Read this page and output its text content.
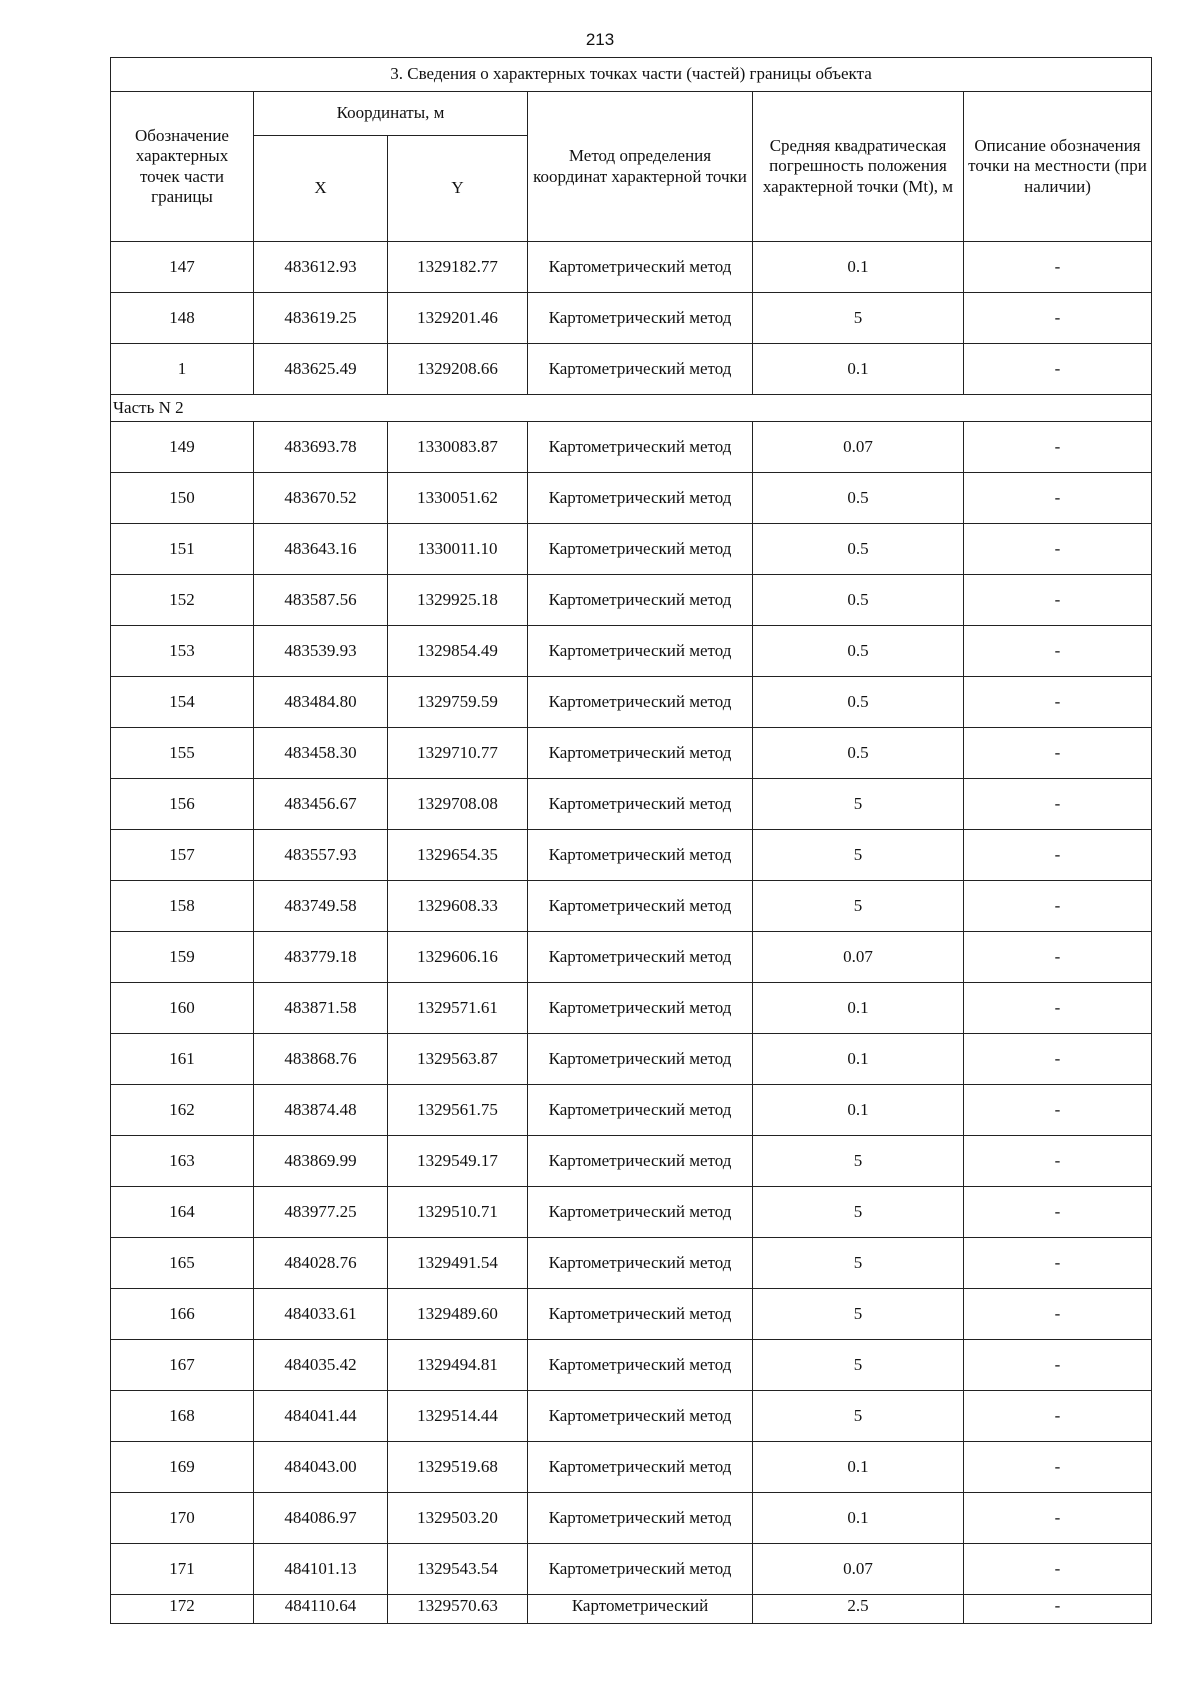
213
3. Сведения о характерных точках части (частей) границы объекта					
Обозначение характерных точек части границы	Координаты, м		Метод определения координат характерной точки	Средняя квадратическая погрешность положения характерной точки (Mt), м	Описание обозначения точки на местности (при наличии)
	X	Y			
147	483612.93	1329182.77	Картометрический метод	0.1	-
148	483619.25	1329201.46	Картометрический метод	5	-
1	483625.49	1329208.66	Картометрический метод	0.1	-
Часть N 2					
149	483693.78	1330083.87	Картометрический метод	0.07	-
150	483670.52	1330051.62	Картометрический метод	0.5	-
151	483643.16	1330011.10	Картометрический метод	0.5	-
152	483587.56	1329925.18	Картометрический метод	0.5	-
153	483539.93	1329854.49	Картометрический метод	0.5	-
154	483484.80	1329759.59	Картометрический метод	0.5	-
155	483458.30	1329710.77	Картометрический метод	0.5	-
156	483456.67	1329708.08	Картометрический метод	5	-
157	483557.93	1329654.35	Картометрический метод	5	-
158	483749.58	1329608.33	Картометрический метод	5	-
159	483779.18	1329606.16	Картометрический метод	0.07	-
160	483871.58	1329571.61	Картометрический метод	0.1	-
161	483868.76	1329563.87	Картометрический метод	0.1	-
162	483874.48	1329561.75	Картометрический метод	0.1	-
163	483869.99	1329549.17	Картометрический метод	5	-
164	483977.25	1329510.71	Картометрический метод	5	-
165	484028.76	1329491.54	Картометрический метод	5	-
166	484033.61	1329489.60	Картометрический метод	5	-
167	484035.42	1329494.81	Картометрический метод	5	-
168	484041.44	1329514.44	Картометрический метод	5	-
169	484043.00	1329519.68	Картометрический метод	0.1	-
170	484086.97	1329503.20	Картометрический метод	0.1	-
171	484101.13	1329543.54	Картометрический метод	0.07	-
172	484110.64	1329570.63	Картометрический	2.5	-
